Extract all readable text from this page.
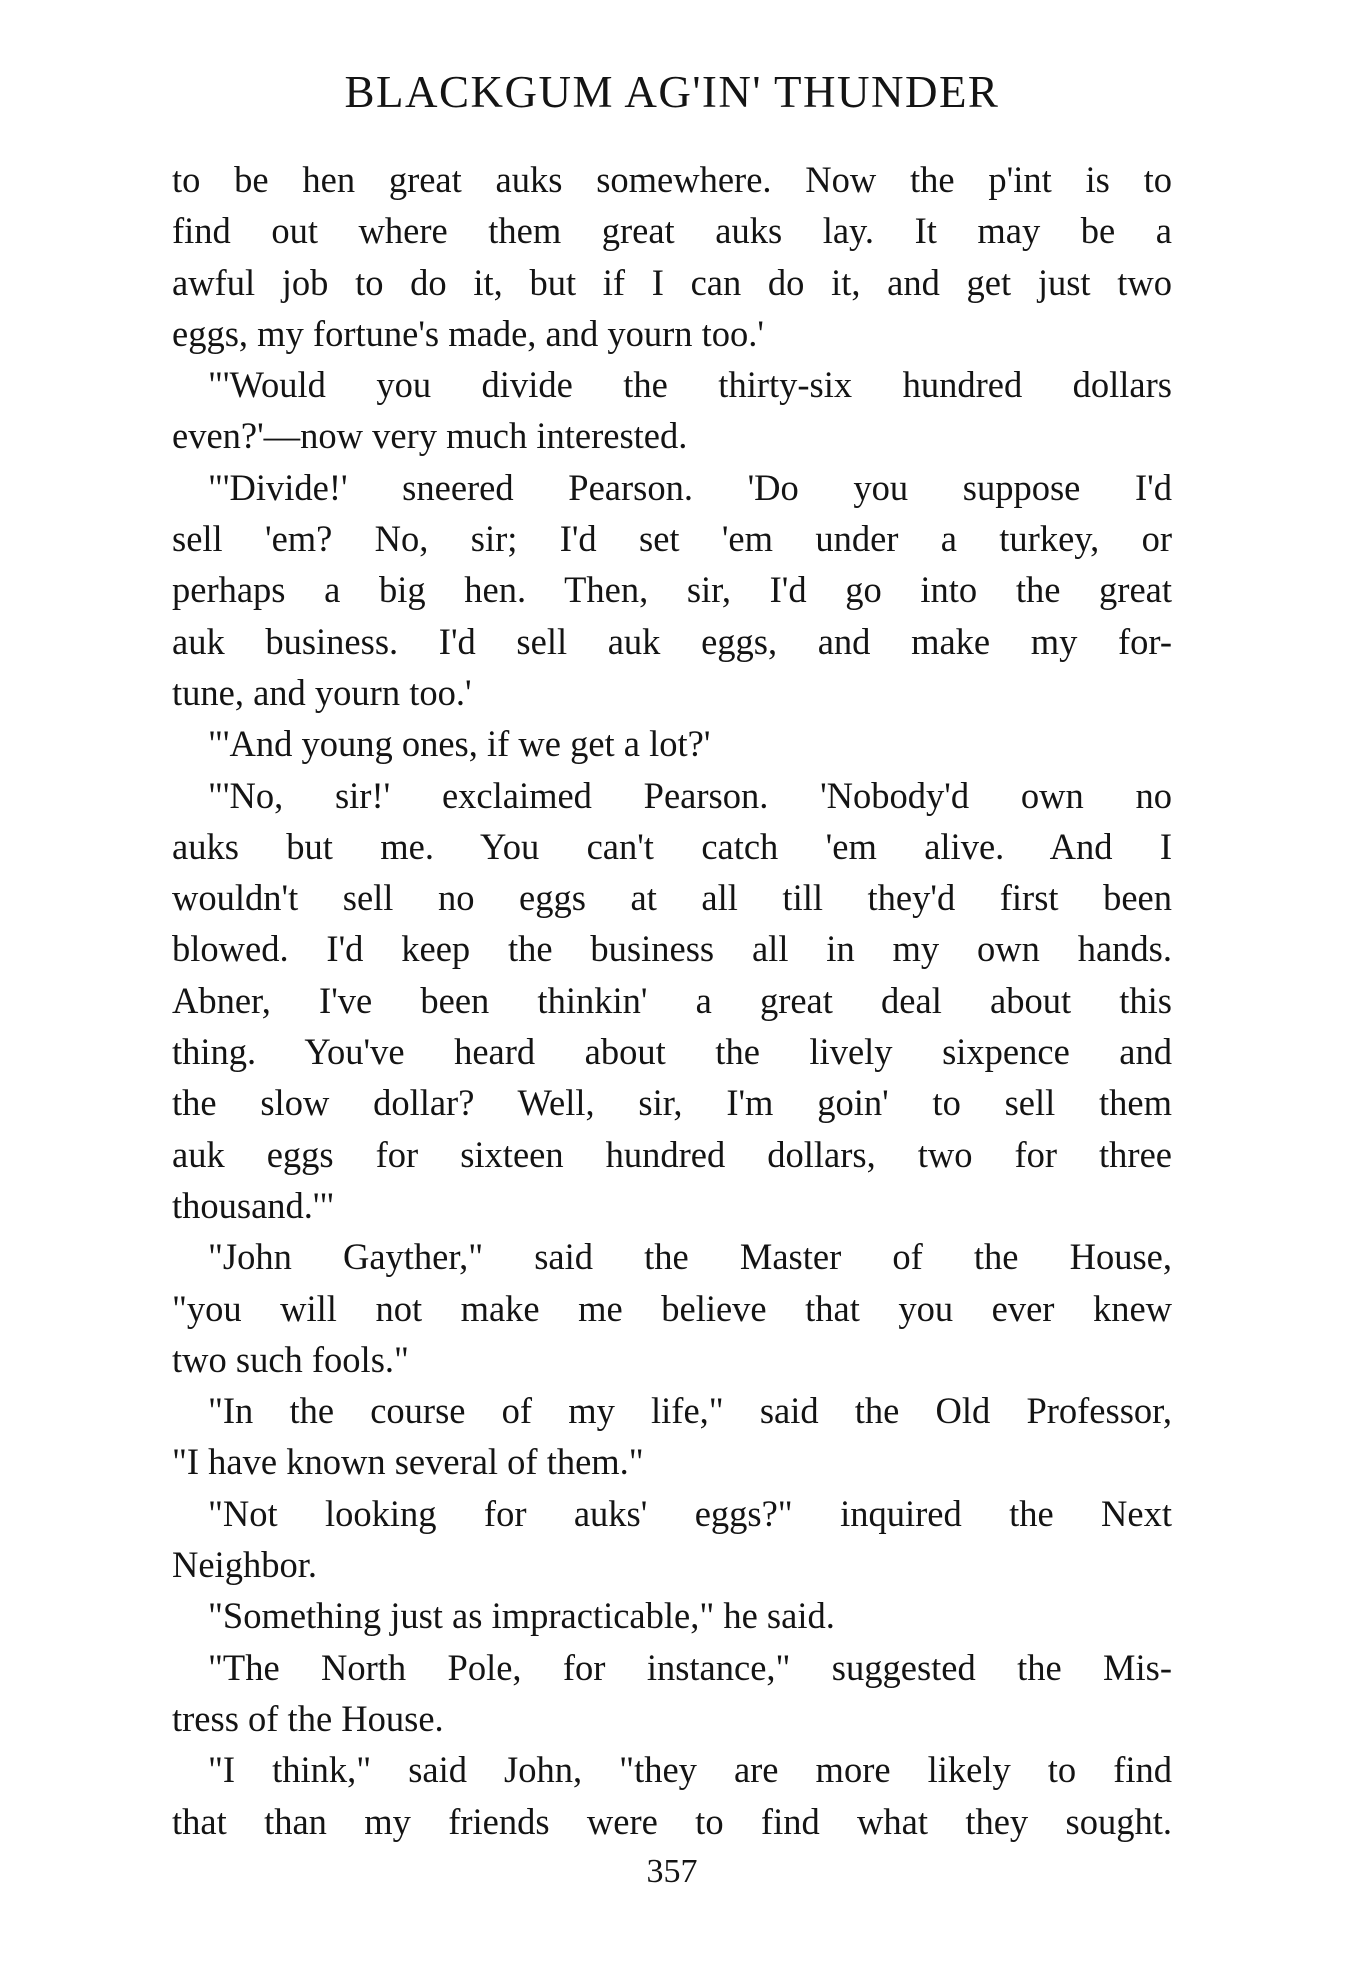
BLACKGUM AG'IN' THUNDER

to be hen great auks somewhere. Now the p'int is to
find out where them great auks lay. It may be a
awful job to do it, but if I can do it, and get just two
eggs, my fortune's made, and yourn too.'

"'Would you divide the thirty-six hundred dollars
even?'—now very much interested.

"'Divide!' sneered Pearson. 'Do you suppose I'd
sell 'em? No, sir; I'd set 'em under a turkey, or
perhaps a big hen. Then, sir, I'd go into the great
auk business. I'd sell auk eggs, and make my for-
tune, and yourn too.'

"'And young ones, if we get a lot?'

"'No, sir!' exclaimed Pearson. 'Nobody'd own no
auks but me. You can't catch 'em alive. And I
wouldn't sell no eggs at all till they'd first been
blowed. I'd keep the business all in my own hands.
Abner, I've been thinkin' a great deal about this
thing. You've heard about the lively sixpence and
the slow dollar? Well, sir, I'm goin' to sell them
auk eggs for sixteen hundred dollars, two for three
thousand.'"

"John Gayther," said the Master of the House,
"you will not make me believe that you ever knew
two such fools."

"In the course of my life," said the Old Professor,
"I have known several of them."

"Not looking for auks' eggs?" inquired the Next
Neighbor.

"Something just as impracticable," he said.

"The North Pole, for instance," suggested the Mis-
tress of the House.

"I think," said John, "they are more likely to find
that than my friends were to find what they sought.

357
